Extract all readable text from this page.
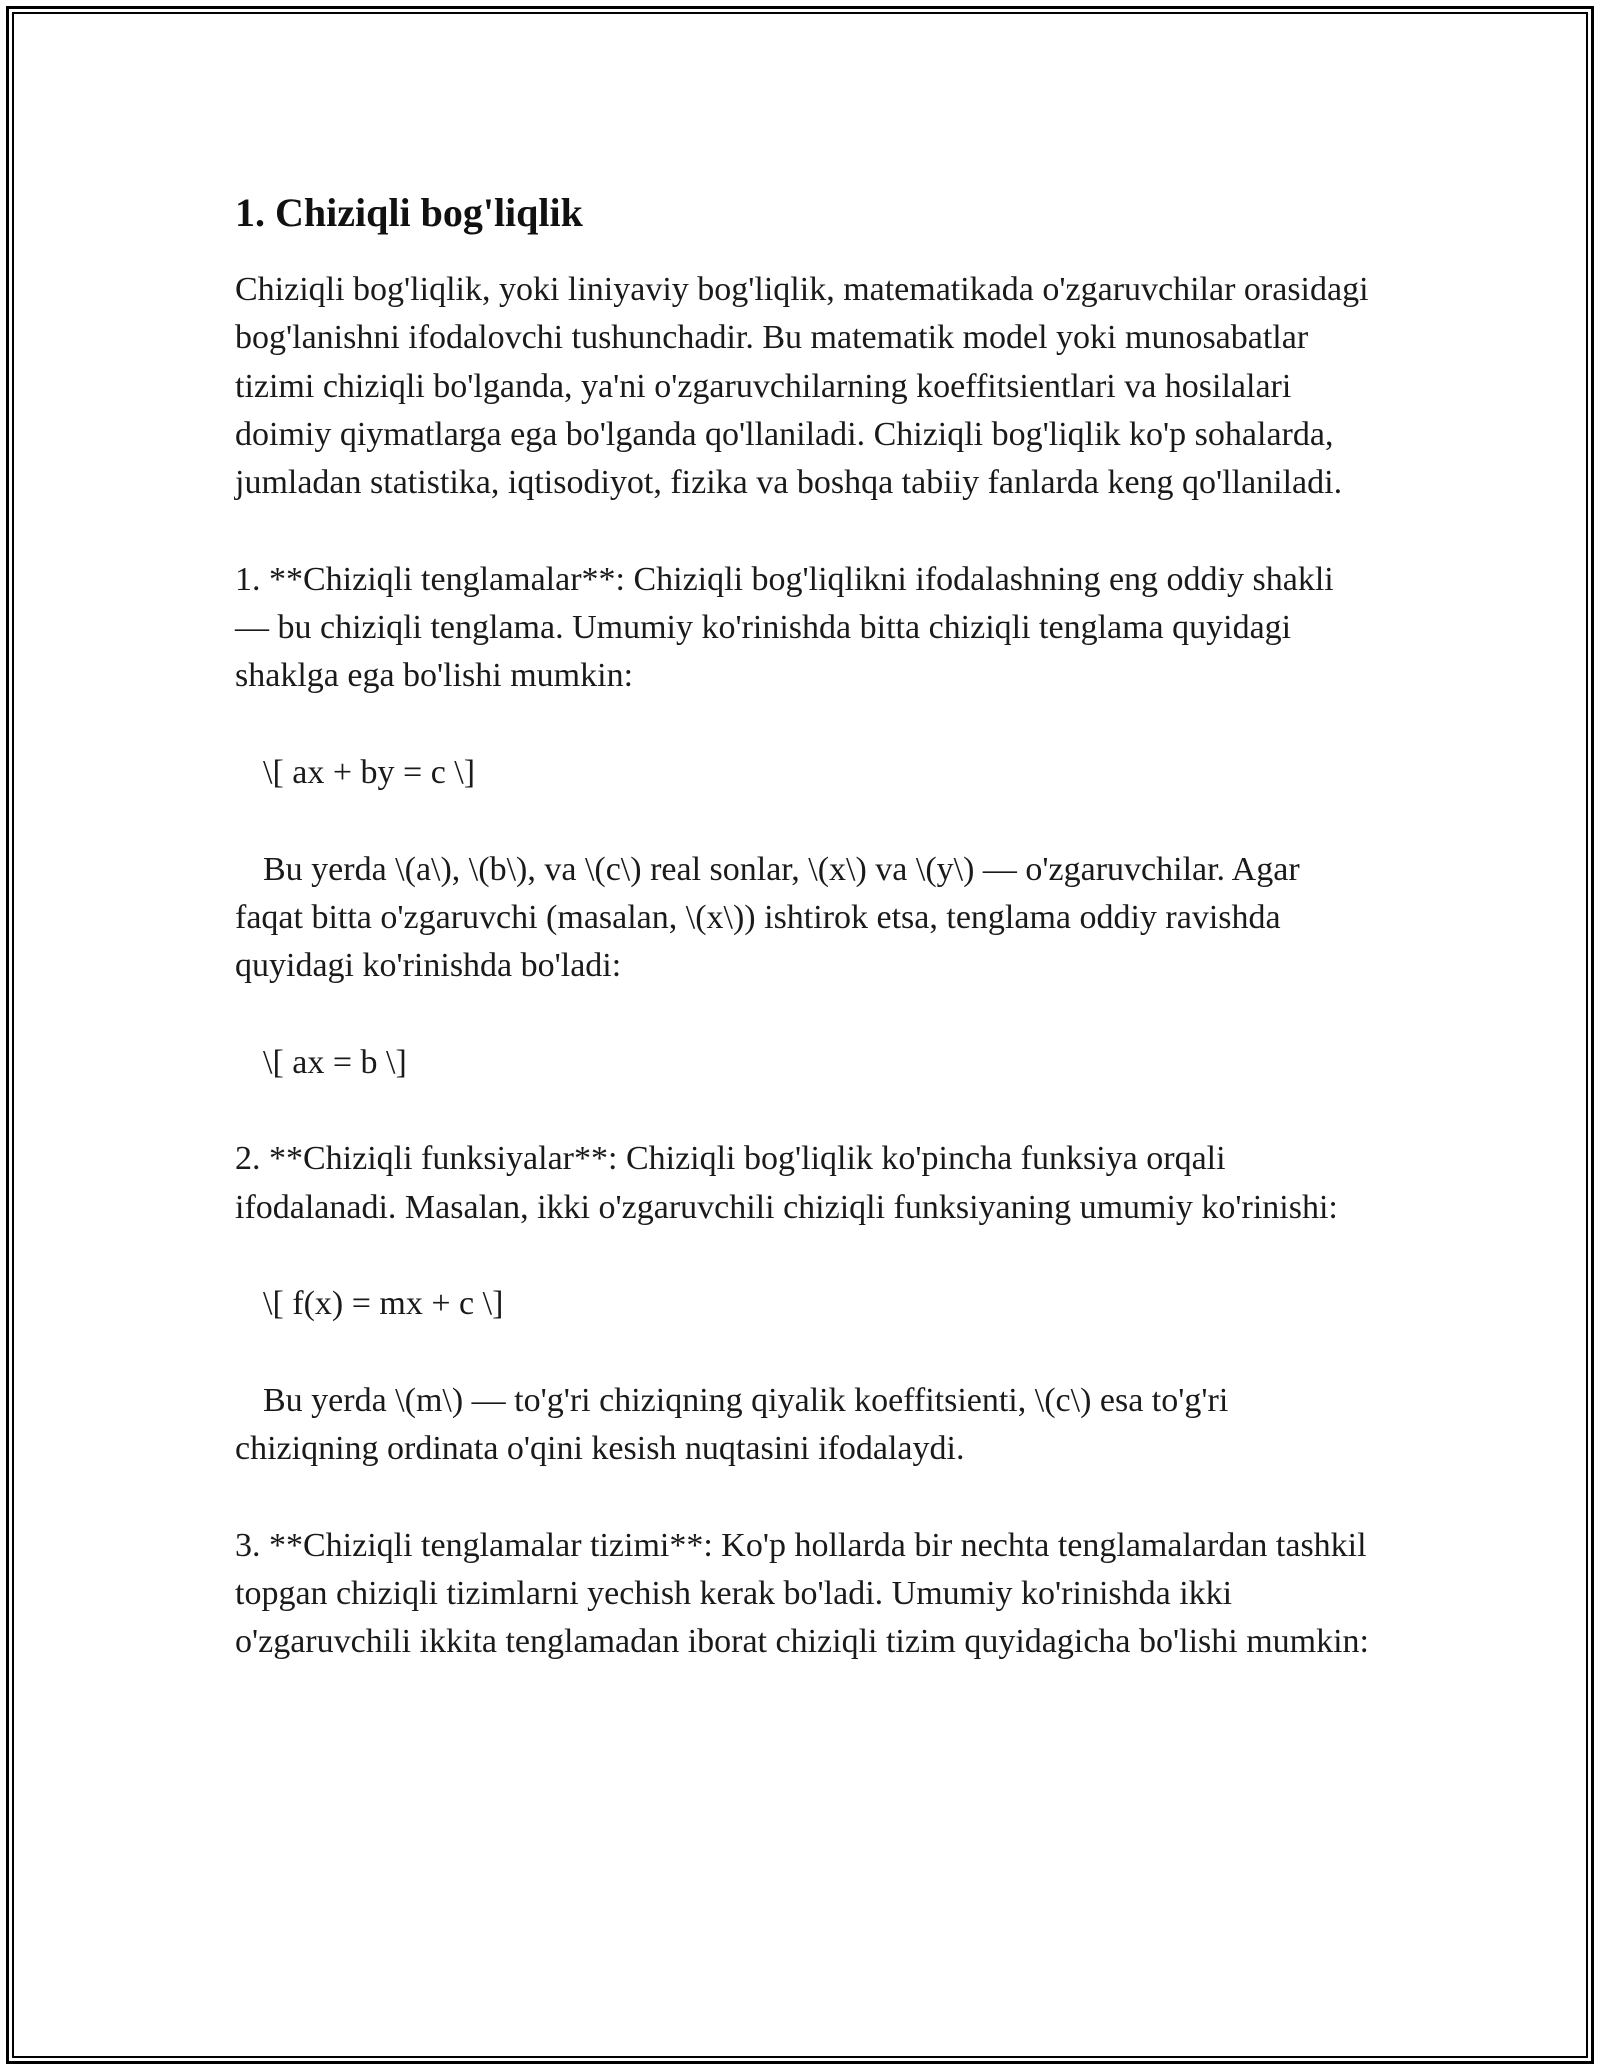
1. Chiziqli bog'liqlik

Chiziqli bog'liqlik, yoki liniyaviy bog'liqlik, matematikada o'zgaruvchilar orasidagi bog'lanishni ifodalovchi tushunchadir. Bu matematik model yoki munosabatlar tizimi chiziqli bo'lganda, ya'ni o'zgaruvchilarning koeffitsientlari va hosilalari doimiy qiymatlarga ega bo'lganda qo'llaniladi. Chiziqli bog'liqlik ko'p sohalarda, jumladan statistika, iqtisodiyot, fizika va boshqa tabiiy fanlarda keng qo'llaniladi.

1. **Chiziqli tenglamalar**: Chiziqli bog'liqlikni ifodalashning eng oddiy shakli — bu chiziqli tenglama. Umumiy ko'rinishda bitta chiziqli tenglama quyidagi shaklga ega bo'lishi mumkin:

\[ ax + by = c \]

Bu yerda \(a\), \(b\), va \(c\) real sonlar, \(x\) va \(y\) — o'zgaruvchilar. Agar faqat bitta o'zgaruvchi (masalan, \(x\)) ishtirok etsa, tenglama oddiy ravishda quyidagi ko'rinishda bo'ladi:

\[ ax = b \]

2. **Chiziqli funksiyalar**: Chiziqli bog'liqlik ko'pincha funksiya orqali ifodalanadi. Masalan, ikki o'zgaruvchili chiziqli funksiyaning umumiy ko'rinishi:

\[ f(x) = mx + c \]

Bu yerda \(m\) — to'g'ri chiziqning qiyalik koeffitsienti, \(c\) esa to'g'ri chiziqning ordinata o'qini kesish nuqtasini ifodalaydi.

3. **Chiziqli tenglamalar tizimi**: Ko'p hollarda bir nechta tenglamalardan tashkil topgan chiziqli tizimlarni yechish kerak bo'ladi. Umumiy ko'rinishda ikki o'zgaruvchili ikkita tenglamadan iborat chiziqli tizim quyidagicha bo'lishi mumkin:
